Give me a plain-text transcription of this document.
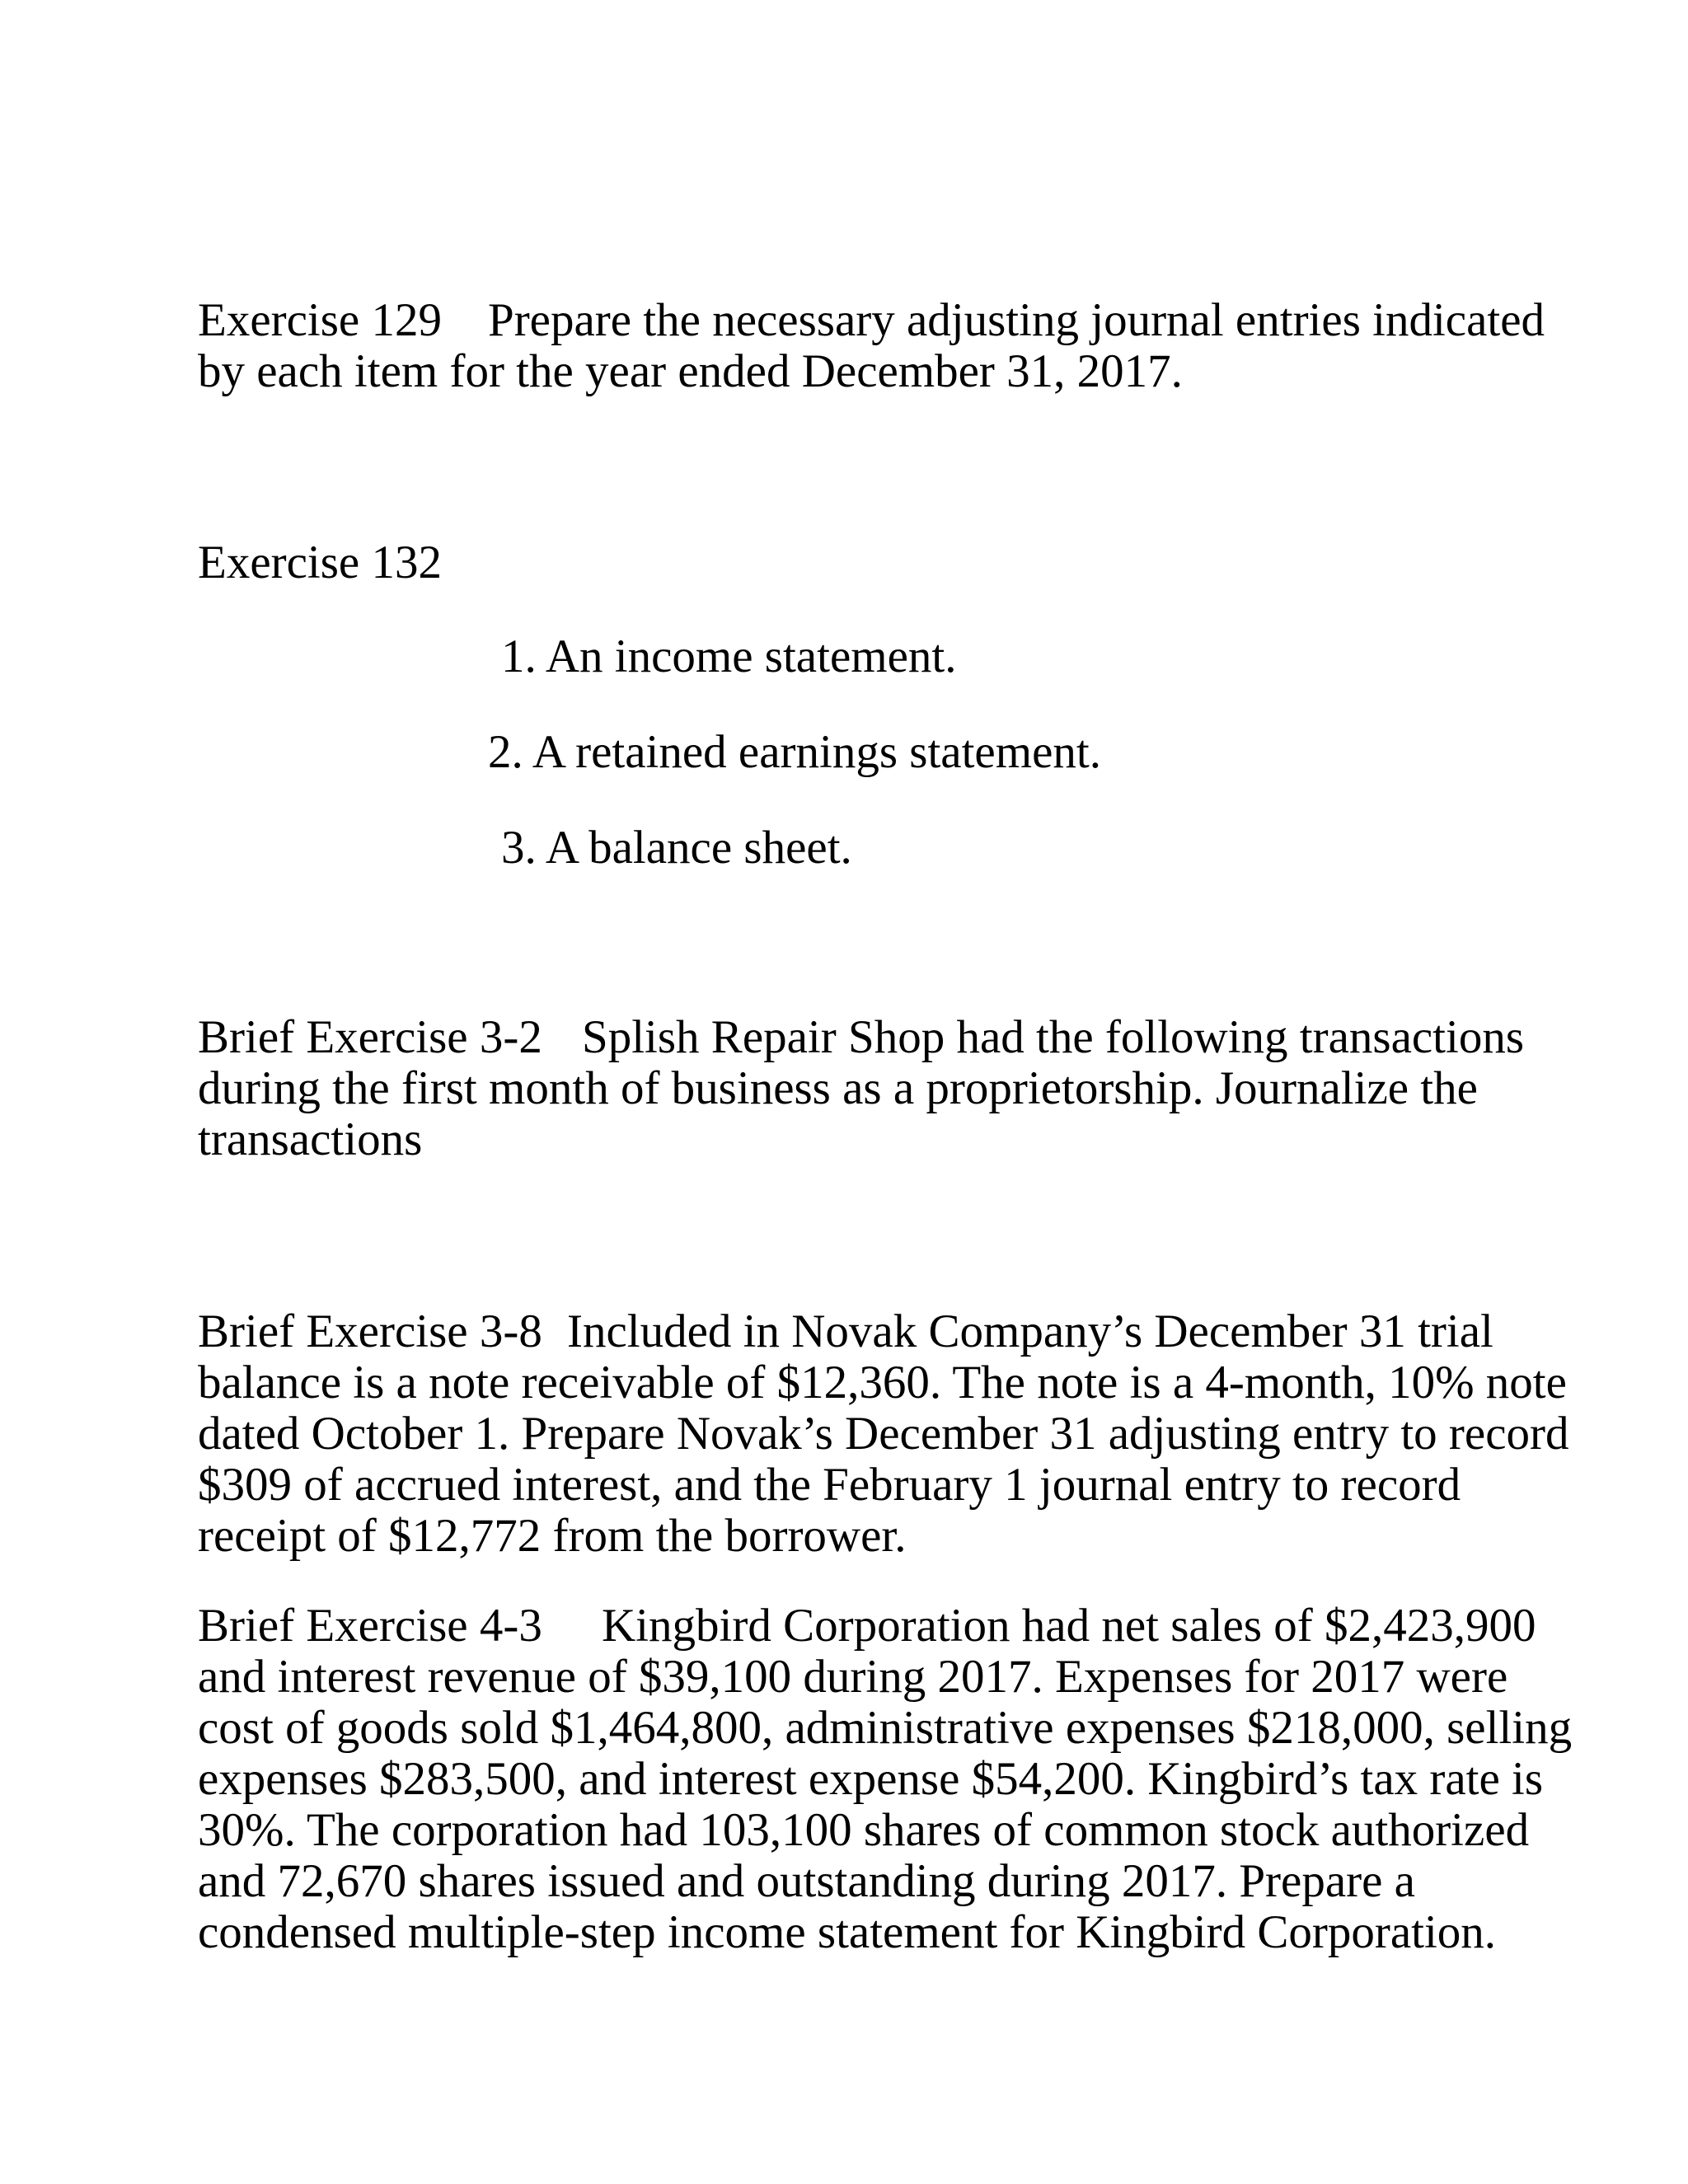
Exercise 129 Prepare the necessary adjusting journal entries indicated
by each item for the year ended December 31, 2017.
Exercise 132

1. An income statement.

2. A retained earnings statement.

3. A balance sheet.

Brief Exercise 3-2 Splish Repair Shop had the following transactions
during the first month of business as a proprietorship. Journalize the
transactions
Brief Exercise 3-8 Included in Novak Company’s December 31 trial
balance is a note receivable of $12,360. The note is a 4-month, 10% note
dated October 1. Prepare Novak’s December 31 adjusting entry to record
$309 of accrued interest, and the February 1 journal entry to record
receipt of $12,772 from the borrower.
Brief Exercise 4-3 Kingbird Corporation had net sales of $2,423,900
and interest revenue of $39,100 during 2017. Expenses for 2017 were
cost of goods sold $1,464,800, administrative expenses $218,000, selling
expenses $283,500, and interest expense $54,200. Kingbird’s tax rate is
30%. The corporation had 103,100 shares of common stock authorized
and 72,670 shares issued and outstanding during 2017. Prepare a
condensed multiple-step income statement for Kingbird Corporation.
